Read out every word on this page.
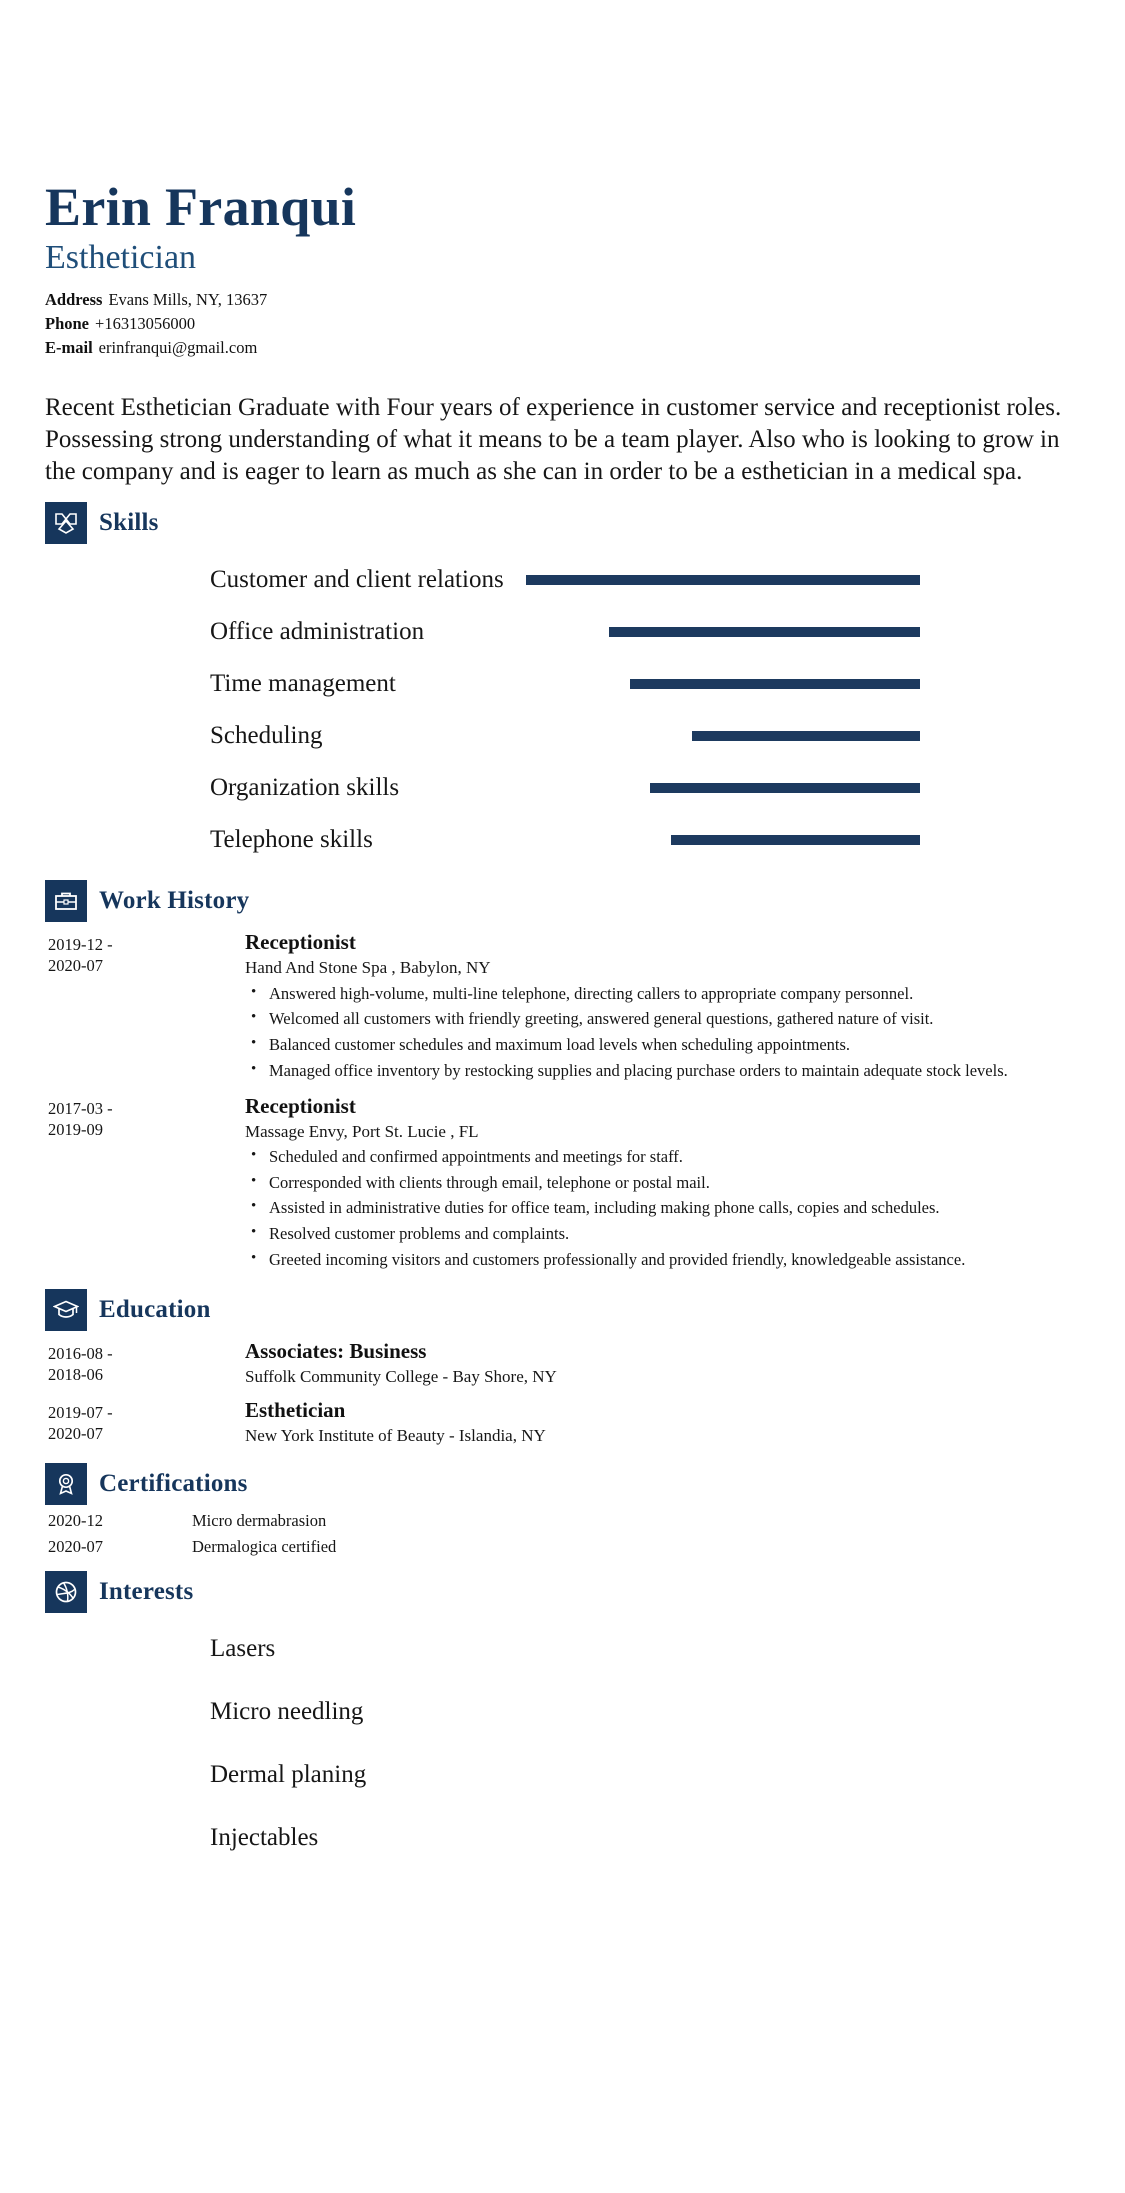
Erin Franqui
Esthetician
Address Evans Mills, NY, 13637
Phone +16313056000
E-mail erinfranqui@gmail.com
Recent Esthetician Graduate with Four years of experience in customer service and receptionist roles. Possessing strong understanding of what it means to be a team player. Also who is looking to grow in the company and is eager to learn as much as she can in order to be a esthetician in a medical spa.
Skills
Customer and client relations
Office administration
Time management
Scheduling
Organization skills
Telephone skills
Work History
2019-12 -
2020-07
Receptionist
Hand And Stone Spa , Babylon, NY
• Answered high-volume, multi-line telephone, directing callers to appropriate company personnel.
• Welcomed all customers with friendly greeting, answered general questions, gathered nature of visit.
• Balanced customer schedules and maximum load levels when scheduling appointments.
• Managed office inventory by restocking supplies and placing purchase orders to maintain adequate stock levels.
2017-03 -
2019-09
Receptionist
Massage Envy, Port St. Lucie , FL
• Scheduled and confirmed appointments and meetings for staff.
• Corresponded with clients through email, telephone or postal mail.
• Assisted in administrative duties for office team, including making phone calls, copies and schedules.
• Resolved customer problems and complaints.
• Greeted incoming visitors and customers professionally and provided friendly, knowledgeable assistance.
Education
2016-08 -
2018-06
Associates: Business
Suffolk Community College - Bay Shore, NY
2019-07 -
2020-07
Esthetician
New York Institute of Beauty - Islandia, NY
Certifications
2020-12	Micro dermabrasion
2020-07	Dermalogica certified
Interests
Lasers
Micro needling
Dermal planing
Injectables
